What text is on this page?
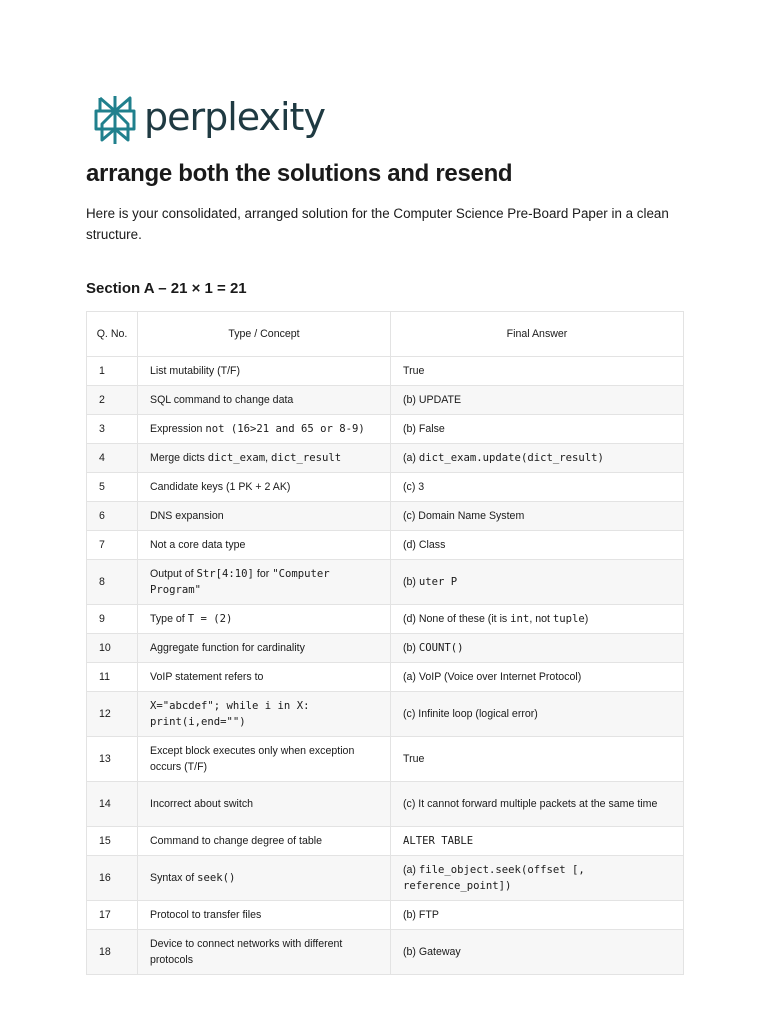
perplexity
arrange both the solutions and resend

Here is your consolidated, arranged solution for the Computer Science Pre-Board Paper in a clean structure.

Section A – 21 × 1 = 21
Q. No.	Type / Concept	Final Answer
1	List mutability (T/F)	True
2	SQL command to change data	(b) UPDATE
3	Expression not (16>21 and 65 or 8-9)	(b) False
4	Merge dicts dict_exam, dict_result	(a) dict_exam.update(dict_result)
5	Candidate keys (1 PK + 2 AK)	(c) 3
6	DNS expansion	(c) Domain Name System
7	Not a core data type	(d) Class
8	Output of Str[4:10] for "Computer Program"	(b) uter P
9	Type of T = (2)	(d) None of these (it is int, not tuple)
10	Aggregate function for cardinality	(b) COUNT()
11	VoIP statement refers to	(a) VoIP (Voice over Internet Protocol)
12	X="abcdef"; while i in X: print(i,end="")	(c) Infinite loop (logical error)
13	Except block executes only when exception occurs (T/F)	True
14	Incorrect about switch	(c) It cannot forward multiple packets at the same time
15	Command to change degree of table	ALTER TABLE
16	Syntax of seek()	(a) file_object.seek(offset [, reference_point])
17	Protocol to transfer files	(b) FTP
18	Device to connect networks with different protocols	(b) Gateway
